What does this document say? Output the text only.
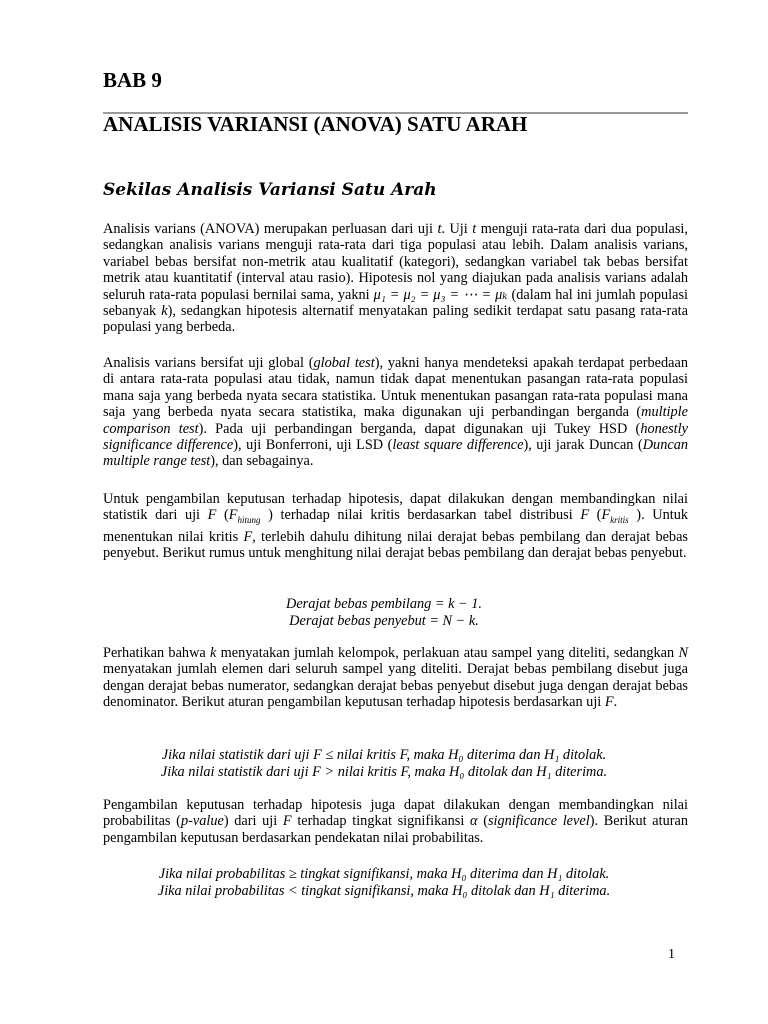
BAB 9
ANALISIS VARIANSI (ANOVA) SATU ARAH
Sekilas Analisis Variansi Satu Arah

Analisis varians (ANOVA) merupakan perluasan dari uji t. Uji t menguji rata-rata dari dua populasi, sedangkan analisis varians menguji rata-rata dari tiga populasi atau lebih. Dalam analisis varians, variabel bebas bersifat non-metrik atau kualitatif (kategori), sedangkan variabel tak bebas bersifat metrik atau kuantitatif (interval atau rasio). Hipotesis nol yang diajukan pada analisis varians adalah seluruh rata-rata populasi bernilai sama, yakni μ₁ = μ₂ = μ₃ = ⋯ = μₖ (dalam hal ini jumlah populasi sebanyak k), sedangkan hipotesis alternatif menyatakan paling sedikit terdapat satu pasang rata-rata populasi yang berbeda.

Analisis varians bersifat uji global (global test), yakni hanya mendeteksi apakah terdapat perbedaan di antara rata-rata populasi atau tidak, namun tidak dapat menentukan pasangan rata-rata populasi mana saja yang berbeda nyata secara statistika. Untuk menentukan pasangan rata-rata populasi mana saja yang berbeda nyata secara statistika, maka digunakan uji perbandingan berganda (multiple comparison test). Pada uji perbandingan berganda, dapat digunakan uji Tukey HSD (honestly significance difference), uji Bonferroni, uji LSD (least square difference), uji jarak Duncan (Duncan multiple range test), dan sebagainya.

Untuk pengambilan keputusan terhadap hipotesis, dapat dilakukan dengan membandingkan nilai statistik dari uji F ($F_{hitung}$ ) terhadap nilai kritis berdasarkan tabel distribusi F ($F_{kritis}$ ). Untuk menentukan nilai kritis F, terlebih dahulu dihitung nilai derajat bebas pembilang dan derajat bebas penyebut. Berikut rumus untuk menghitung nilai derajat bebas pembilang dan derajat bebas penyebut.

Derajat bebas pembilang = k − 1.
Derajat bebas penyebut = N − k.

Perhatikan bahwa k menyatakan jumlah kelompok, perlakuan atau sampel yang diteliti, sedangkan N menyatakan jumlah elemen dari seluruh sampel yang diteliti. Derajat bebas pembilang disebut juga dengan derajat bebas numerator, sedangkan derajat bebas penyebut disebut juga dengan derajat bebas denominator. Berikut aturan pengambilan keputusan terhadap hipotesis berdasarkan uji F.

Jika nilai statistik dari uji F ≤ nilai kritis F, maka H₀ diterima dan H₁ ditolak.
Jika nilai statistik dari uji F > nilai kritis F, maka H₀ ditolak dan H₁ diterima.

Pengambilan keputusan terhadap hipotesis juga dapat dilakukan dengan membandingkan nilai probabilitas (p-value) dari uji F terhadap tingkat signifikansi α (significance level). Berikut aturan pengambilan keputusan berdasarkan pendekatan nilai probabilitas.

Jika nilai probabilitas ≥ tingkat signifikansi, maka H₀ diterima dan H₁ ditolak.
Jika nilai probabilitas < tingkat signifikansi, maka H₀ ditolak dan H₁ diterima.
1
